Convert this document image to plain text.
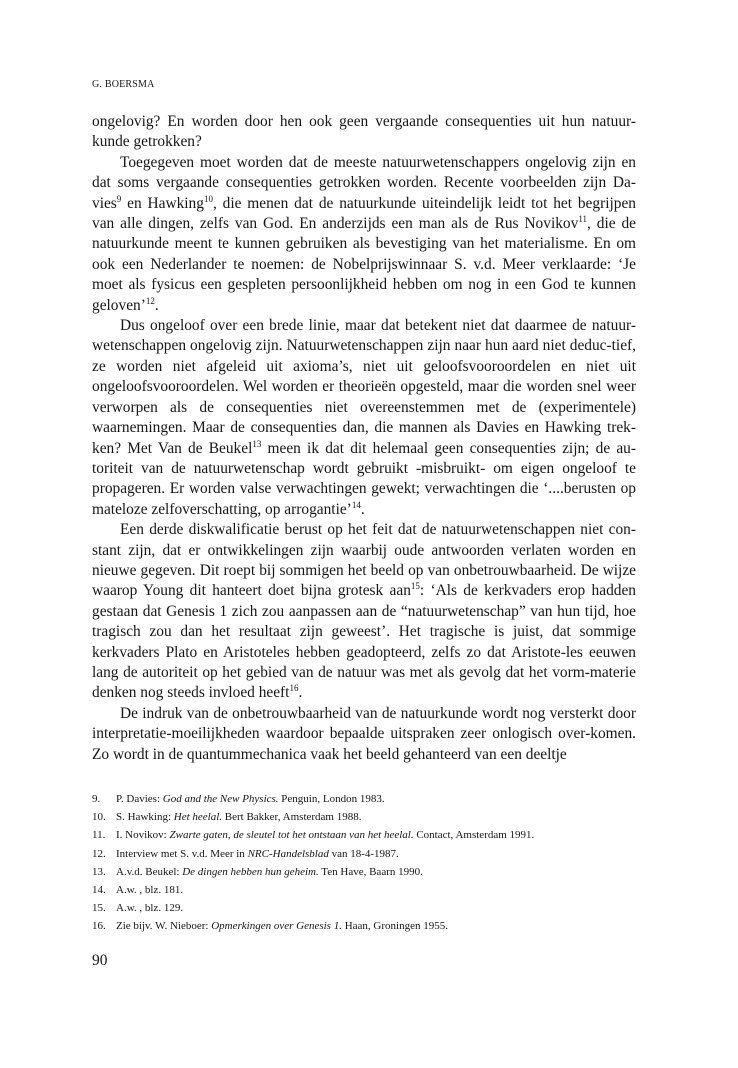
G. BOERSMA

ongelovig? En worden door hen ook geen vergaande consequenties uit hun natuur-kunde getrokken?

Toegegeven moet worden dat de meeste natuurwetenschappers ongelovig zijn en dat soms vergaande consequenties getrokken worden. Recente voorbeelden zijn Da-vies$^9$ en Hawking$^{10}$, die menen dat de natuurkunde uiteindelijk leidt tot het begrijpen van alle dingen, zelfs van God. En anderzijds een man als de Rus Novikov$^{11}$, die de natuurkunde meent te kunnen gebruiken als bevestiging van het materialisme. En om ook een Nederlander te noemen: de Nobelprijswinnaar S. v.d. Meer verklaarde: ‘Je moet als fysicus een gespleten persoonlijkheid hebben om nog in een God te kunnen geloven’$^{12}$.

Dus ongeloof over een brede linie, maar dat betekent niet dat daarmee de natuur-wetenschappen ongelovig zijn. Natuurwetenschappen zijn naar hun aard niet deduc-tief, ze worden niet afgeleid uit axioma’s, niet uit geloofsvooroordelen en niet uit ongeloofsvooroordelen. Wel worden er theorieën opgesteld, maar die worden snel weer verworpen als de consequenties niet overeenstemmen met de (experimentele) waarnemingen. Maar de consequenties dan, die mannen als Davies en Hawking trek-ken? Met Van de Beukel$^{13}$ meen ik dat dit helemaal geen consequenties zijn; de au-toriteit van de natuurwetenschap wordt gebruikt -misbruikt- om eigen ongeloof te propageren. Er worden valse verwachtingen gewekt; verwachtingen die ‘....berusten op mateloze zelfoverschatting, op arrogantie’$^{14}$.

Een derde diskwalificatie berust op het feit dat de natuurwetenschappen niet con-stant zijn, dat er ontwikkelingen zijn waarbij oude antwoorden verlaten worden en nieuwe gegeven. Dit roept bij sommigen het beeld op van onbetrouwbaarheid. De wijze waarop Young dit hanteert doet bijna grotesk aan$^{15}$: ‘Als de kerkvaders erop hadden gestaan dat Genesis 1 zich zou aanpassen aan de “natuurwetenschap” van hun tijd, hoe tragisch zou dan het resultaat zijn geweest’. Het tragische is juist, dat sommige kerkvaders Plato en Aristoteles hebben geadopteerd, zelfs zo dat Aristote-les eeuwen lang de autoriteit op het gebied van de natuur was met als gevolg dat het vorm-materie denken nog steeds invloed heeft$^{16}$.

De indruk van de onbetrouwbaarheid van de natuurkunde wordt nog versterkt door interpretatie-moeilijkheden waardoor bepaalde uitspraken zeer onlogisch over-komen. Zo wordt in de quantummechanica vaak het beeld gehanteerd van een deeltje

9. P. Davies: God and the New Physics. Penguin, London 1983.
10. S. Hawking: Het heelal. Bert Bakker, Amsterdam 1988.
11. I. Novikov: Zwarte gaten, de sleutel tot het ontstaan van het heelal. Contact, Amsterdam 1991.
12. Interview met S. v.d. Meer in NRC-Handelsblad van 18-4-1987.
13. A.v.d. Beukel: De dingen hebben hun geheim. Ten Have, Baarn 1990.
14. A.w. , blz. 181.
15. A.w. , blz. 129.
16. Zie bijv. W. Nieboer: Opmerkingen over Genesis 1. Haan, Groningen 1955.
90
